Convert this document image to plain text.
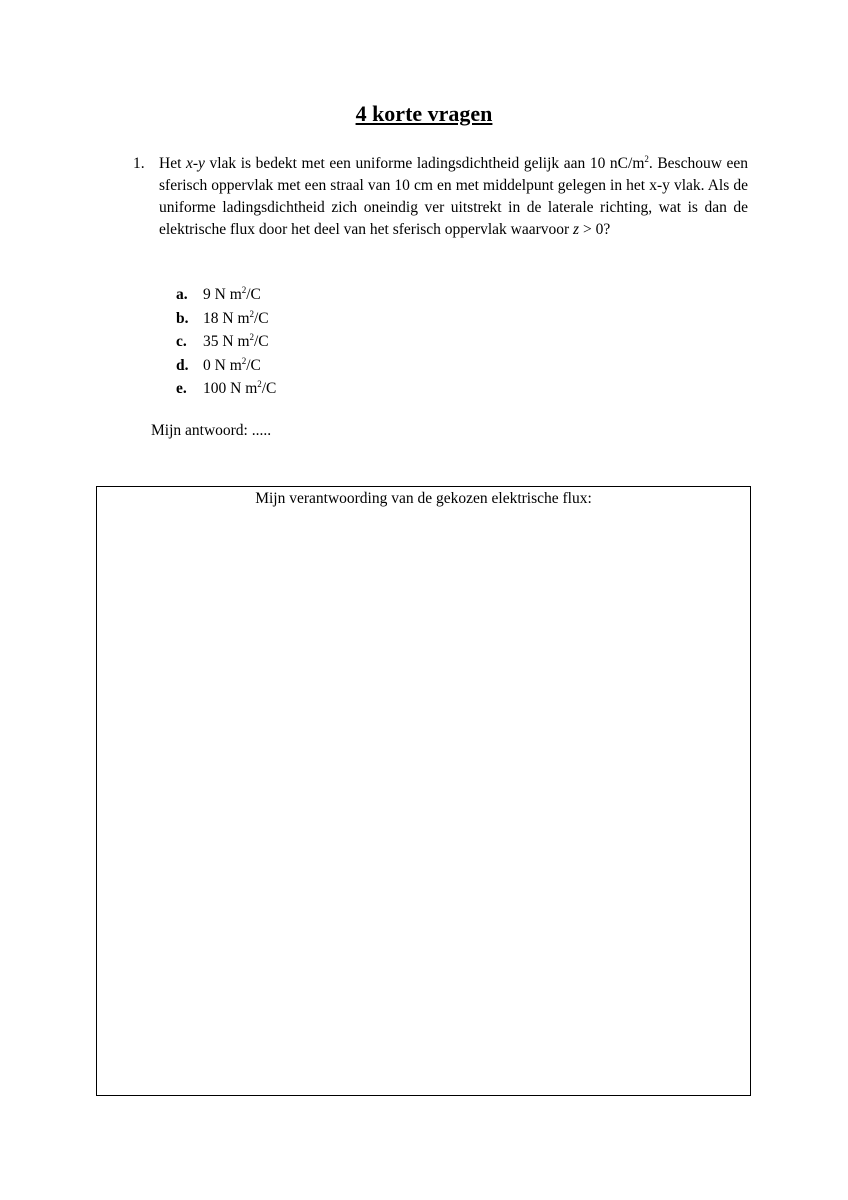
4 korte vragen
1. Het x-y vlak is bedekt met een uniforme ladingsdichtheid gelijk aan 10 $nC/m^2$. Beschouw een sferisch oppervlak met een straal van 10 cm en met middelpunt gelegen in het x-y vlak. Als de uniforme ladingsdichtheid zich oneindig ver uitstrekt in de laterale richting, wat is dan de elektrische flux door het deel van het sferisch oppervlak waarvoor z > 0?
a. 9 N $m^2/C$
b. 18 N $m^2/C$
c. 35 N $m^2/C$
d. 0 N $m^2/C$
e. 100 N $m^2/C$
Mijn antwoord: .....
Mijn verantwoording van de gekozen elektrische flux:
